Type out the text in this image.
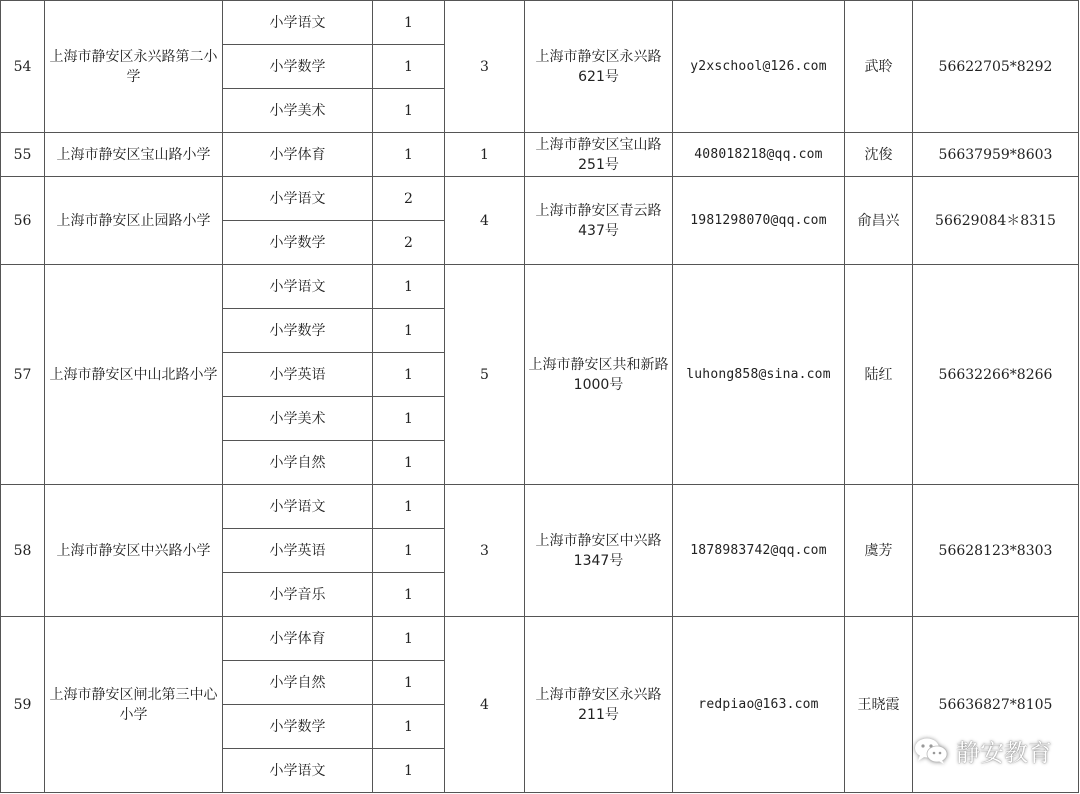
54	上海市静安区永兴路第二小学	小学语文	1	3	上海市静安区永兴路621号	y2xschool@126.com	武聆	56622705*8292
		小学数学	1					
		小学美术	1					
55	上海市静安区宝山路小学	小学体育	1	1	上海市静安区宝山路251号	408018218@qq.com	沈俊	56637959*8603
56	上海市静安区止园路小学	小学语文	2	4	上海市静安区青云路437号	1981298070@qq.com	俞昌兴	56629084＊8315
		小学数学	2					
57	上海市静安区中山北路小学	小学语文	1	5	上海市静安区共和新路1000号	luhong858@sina.com	陆红	56632266*8266
		小学数学	1					
		小学英语	1					
		小学美术	1					
		小学自然	1					
58	上海市静安区中兴路小学	小学语文	1	3	上海市静安区中兴路1347号	1878983742@qq.com	虞芳	56628123*8303
		小学英语	1					
		小学音乐	1					
59	上海市静安区闸北第三中心小学	小学体育	1	4	上海市静安区永兴路211号	redpiao@163.com	王晓霞	56636827*8105
		小学自然	1					
		小学数学	1					
		小学语文	1					
静安教育
